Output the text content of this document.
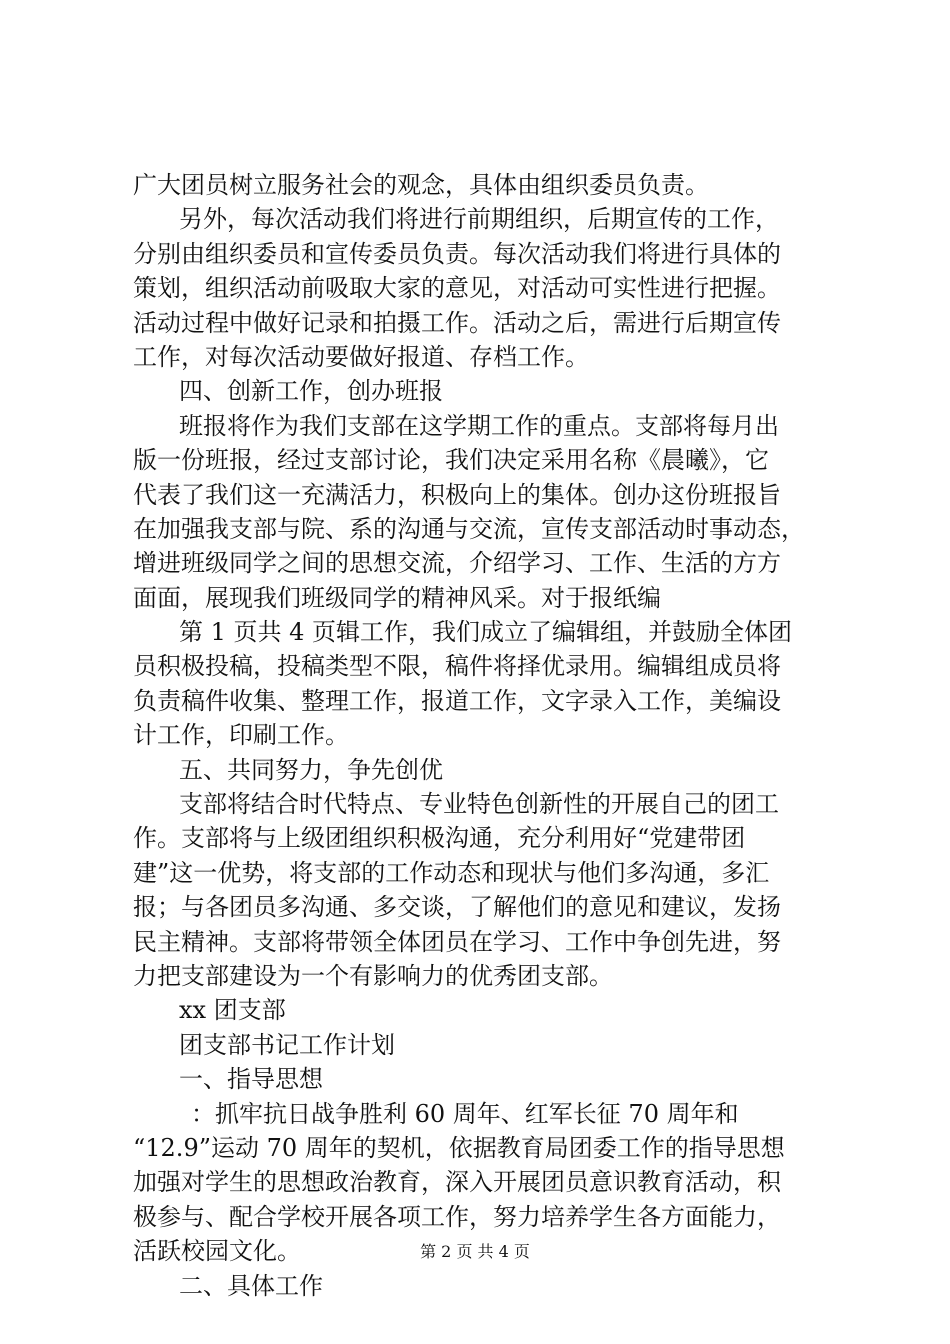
广大团员树立服务社会的观念，具体由组织委员负责。
另外，每次活动我们将进行前期组织，后期宣传的工作，
分别由组织委员和宣传委员负责。每次活动我们将进行具体的
策划，组织活动前吸取大家的意见，对活动可实性进行把握。
活动过程中做好记录和拍摄工作。活动之后，需进行后期宣传
工作，对每次活动要做好报道、存档工作。
四、创新工作，创办班报
班报将作为我们支部在这学期工作的重点。支部将每月出
版一份班报，经过支部讨论，我们决定采用名称《晨曦》，它
代表了我们这一充满活力，积极向上的集体。创办这份班报旨
在加强我支部与院、系的沟通与交流，宣传支部活动时事动态，
增进班级同学之间的思想交流，介绍学习、工作、生活的方方
面面，展现我们班级同学的精神风采。对于报纸编
第 1 页共 4 页辑工作，我们成立了编辑组，并鼓励全体团
员积极投稿，投稿类型不限，稿件将择优录用。编辑组成员将
负责稿件收集、整理工作，报道工作，文字录入工作，美编设
计工作，印刷工作。
五、共同努力，争先创优
支部将结合时代特点、专业特色创新性的开展自己的团工
作。支部将与上级团组织积极沟通，充分利用好“党建带团
建”这一优势，将支部的工作动态和现状与他们多沟通，多汇
报；与各团员多沟通、多交谈，了解他们的意见和建议，发扬
民主精神。支部将带领全体团员在学习、工作中争创先进，努
力把支部建设为一个有影响力的优秀团支部。
xx 团支部
团支部书记工作计划
一、指导思想
：抓牢抗日战争胜利 60 周年、红军长征 70 周年和
“12.9”运动 70 周年的契机，依据教育局团委工作的指导思想
加强对学生的思想政治教育，深入开展团员意识教育活动，积
极参与、配合学校开展各项工作，努力培养学生各方面能力，
活跃校园文化。
二、具体工作
第 2 页 共 4 页
